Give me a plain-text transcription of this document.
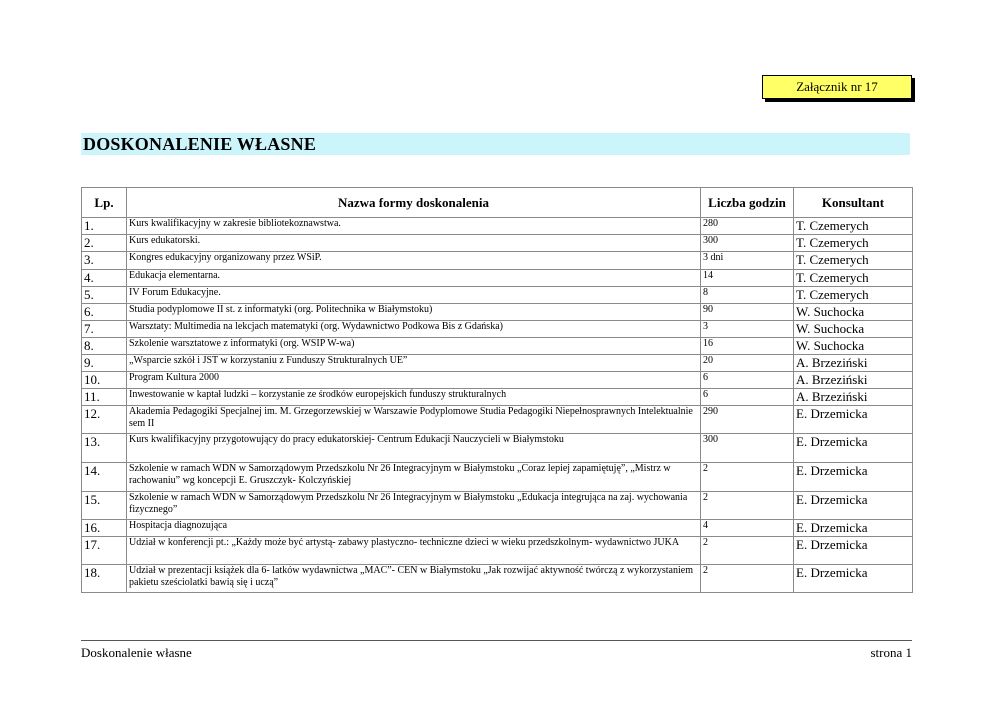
Załącznik nr 17
DOSKONALENIE WŁASNE
Lp.	Nazwa formy doskonalenia	Liczba godzin	Konsultant
1.	Kurs kwalifikacyjny w zakresie bibliotekoznawstwa.	280	T. Czemerych
2.	Kurs edukatorski.	300	T. Czemerych
3.	Kongres edukacyjny organizowany przez WSiP.	3 dni	T. Czemerych
4.	Edukacja elementarna.	14	T. Czemerych
5.	IV Forum Edukacyjne.	8	T. Czemerych
6.	Studia podyplomowe II st. z informatyki (org. Politechnika w Białymstoku)	90	W. Suchocka
7.	Warsztaty: Multimedia na lekcjach matematyki (org. Wydawnictwo Podkowa Bis z Gdańska)	3	W. Suchocka
8.	Szkolenie warsztatowe z informatyki (org. WSIP W-wa)	16	W. Suchocka
9.	„Wsparcie szkół i JST w korzystaniu z Funduszy Strukturalnych UE”	20	A. Brzeziński
10.	Program Kultura 2000	6	A. Brzeziński
11.	Inwestowanie w kaptał ludzki – korzystanie ze środków europejskich funduszy strukturalnych	6	A. Brzeziński
12.	Akademia Pedagogiki Specjalnej im. M. Grzegorzewskiej w Warszawie Podyplomowe Studia Pedagogiki Niepełnosprawnych Intelektualnie sem II	290	E. Drzemicka
13.	Kurs kwalifikacyjny przygotowujący do pracy edukatorskiej- Centrum Edukacji Nauczycieli w Białymstoku	300	E. Drzemicka
14.	Szkolenie w ramach WDN w Samorządowym Przedszkolu Nr 26 Integracyjnym w Białymstoku „Coraz lepiej zapamiętuję”, „Mistrz w rachowaniu” wg koncepcji E. Gruszczyk- Kolczyńskiej	2	E. Drzemicka
15.	Szkolenie w ramach WDN w Samorządowym Przedszkolu Nr 26 Integracyjnym w Białymstoku „Edukacja integrująca na zaj. wychowania fizycznego”	2	E. Drzemicka
16.	Hospitacja diagnozująca	4	E. Drzemicka
17.	Udział w konferencji pt.: „Każdy może być artystą- zabawy plastyczno- techniczne dzieci w wieku przedszkolnym- wydawnictwo JUKA	2	E. Drzemicka
18.	Udział w prezentacji książek dla 6- latków wydawnictwa „MAC”- CEN w Białymstoku „Jak rozwijać aktywność twórczą z wykorzystaniem pakietu sześciolatki bawią się i uczą”	2	E. Drzemicka
Doskonalenie własne	strona 1
